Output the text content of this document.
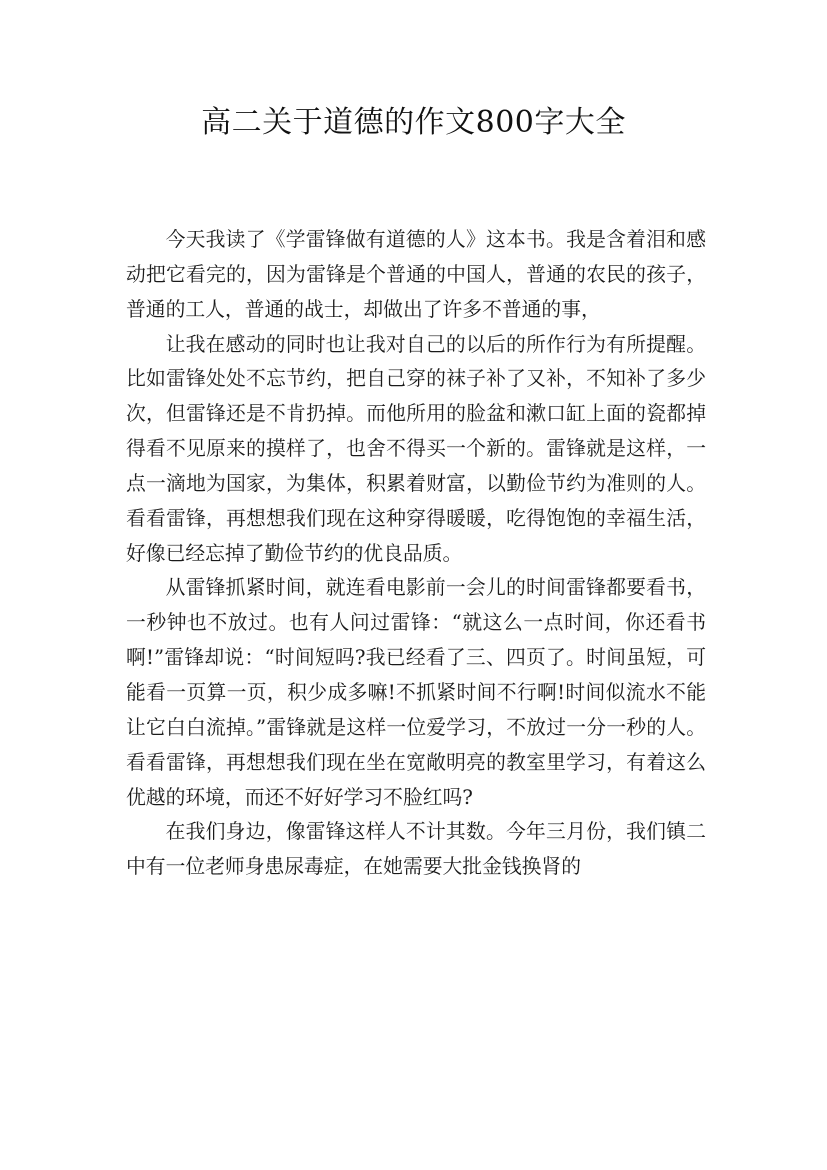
高二关于道德的作文800字大全

今天我读了《学雷锋做有道德的人》这本书。我是含着泪和感动把它看完的，因为雷锋是个普通的中国人，普通的农民的孩子，普通的工人，普通的战士，却做出了许多不普通的事，

让我在感动的同时也让我对自己的以后的所作行为有所提醒。比如雷锋处处不忘节约，把自己穿的袜子补了又补，不知补了多少次，但雷锋还是不肯扔掉。而他所用的脸盆和漱口缸上面的瓷都掉得看不见原来的摸样了，也舍不得买一个新的。雷锋就是这样，一点一滴地为国家，为集体，积累着财富，以勤俭节约为准则的人。看看雷锋，再想想我们现在这种穿得暖暖，吃得饱饱的幸福生活，好像已经忘掉了勤俭节约的优良品质。

从雷锋抓紧时间，就连看电影前一会儿的时间雷锋都要看书，一秒钟也不放过。也有人问过雷锋：“就这么一点时间，你还看书啊!”雷锋却说：“时间短吗?我已经看了三、四页了。时间虽短，可能看一页算一页，积少成多嘛!不抓紧时间不行啊!时间似流水不能让它白白流掉。”雷锋就是这样一位爱学习，不放过一分一秒的人。看看雷锋，再想想我们现在坐在宽敞明亮的教室里学习，有着这么优越的环境，而还不好好学习不脸红吗?

在我们身边，像雷锋这样人不计其数。今年三月份，我们镇二中有一位老师身患尿毒症，在她需要大批金钱换肾的
